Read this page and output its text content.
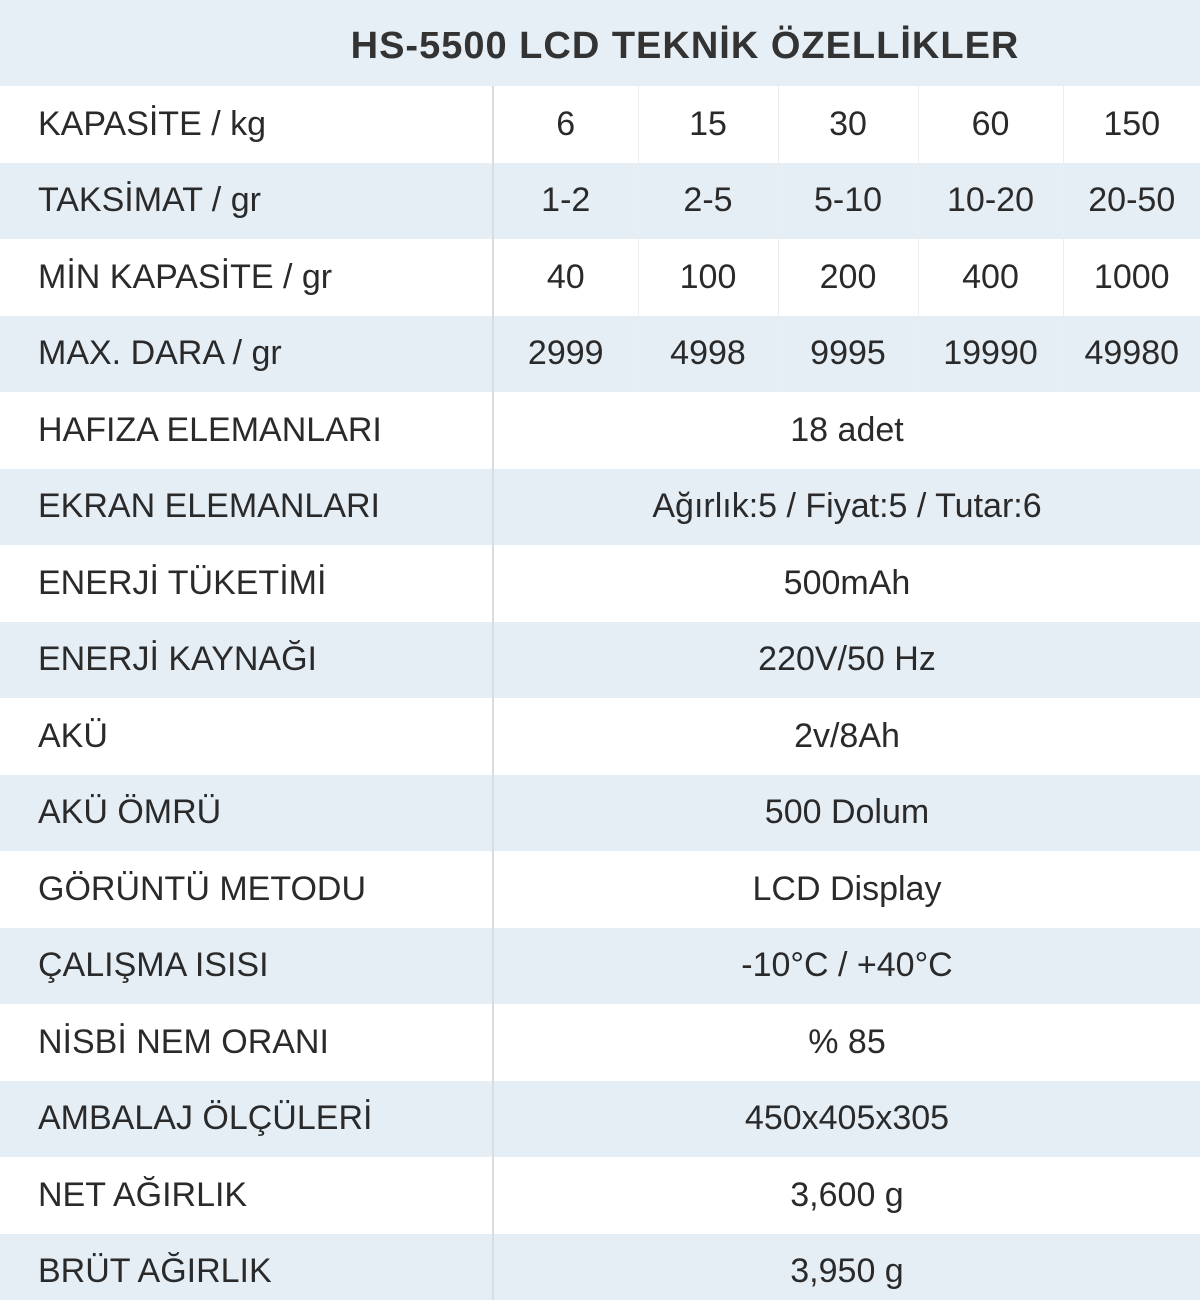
HS-5500 LCD TEKNİK ÖZELLİKLER
KAPASİTE / kg	6	15	30	60	150
TAKSİMAT / gr	1-2	2-5	5-10	10-20	20-50
MİN KAPASİTE / gr	40	100	200	400	1000
MAX. DARA / gr	2999	4998	9995	19990	49980
HAFIZA ELEMANLARI	18 adet				
EKRAN ELEMANLARI	Ağırlık:5 / Fiyat:5 / Tutar:6				
ENERJİ TÜKETİMİ	500mAh				
ENERJİ KAYNAĞI	220V/50 Hz				
AKÜ	2v/8Ah				
AKÜ ÖMRÜ	500 Dolum				
GÖRÜNTÜ METODU	LCD Display				
ÇALIŞMA ISISI	-10°C / +40°C				
NİSBİ NEM ORANI	% 85				
AMBALAJ ÖLÇÜLERİ	450x405x305				
NET AĞIRLIK	3,600 g				
BRÜT AĞIRLIK	3,950 g				
